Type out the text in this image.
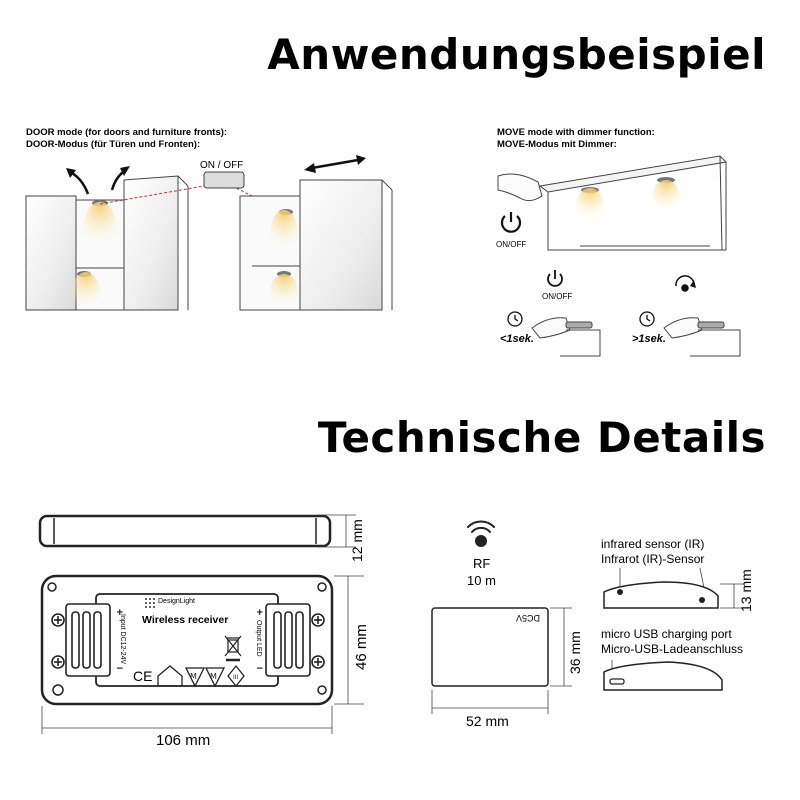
Anwendungsbeispiel
Technische Details
DOOR mode (for doors and furniture fronts):
DOOR-Modus (für Türen und Fronten):
ON / OFF
MOVE mode with dimmer function:
MOVE-Modus mit Dimmer:
ON/OFF
ON/OFF
<1sek.	>1sek.
M M	III
12 mm
46 mm
106 mm
DesignLight
Wireless receiver
Input DC12-24V	Output LED
+
−
+
−
CE
RF
10 m
DC5V
36 mm
52 mm
infrared sensor (IR)
Infrarot (IR)-Sensor
micro USB charging port
Micro-USB-Ladeanschluss
13 mm
